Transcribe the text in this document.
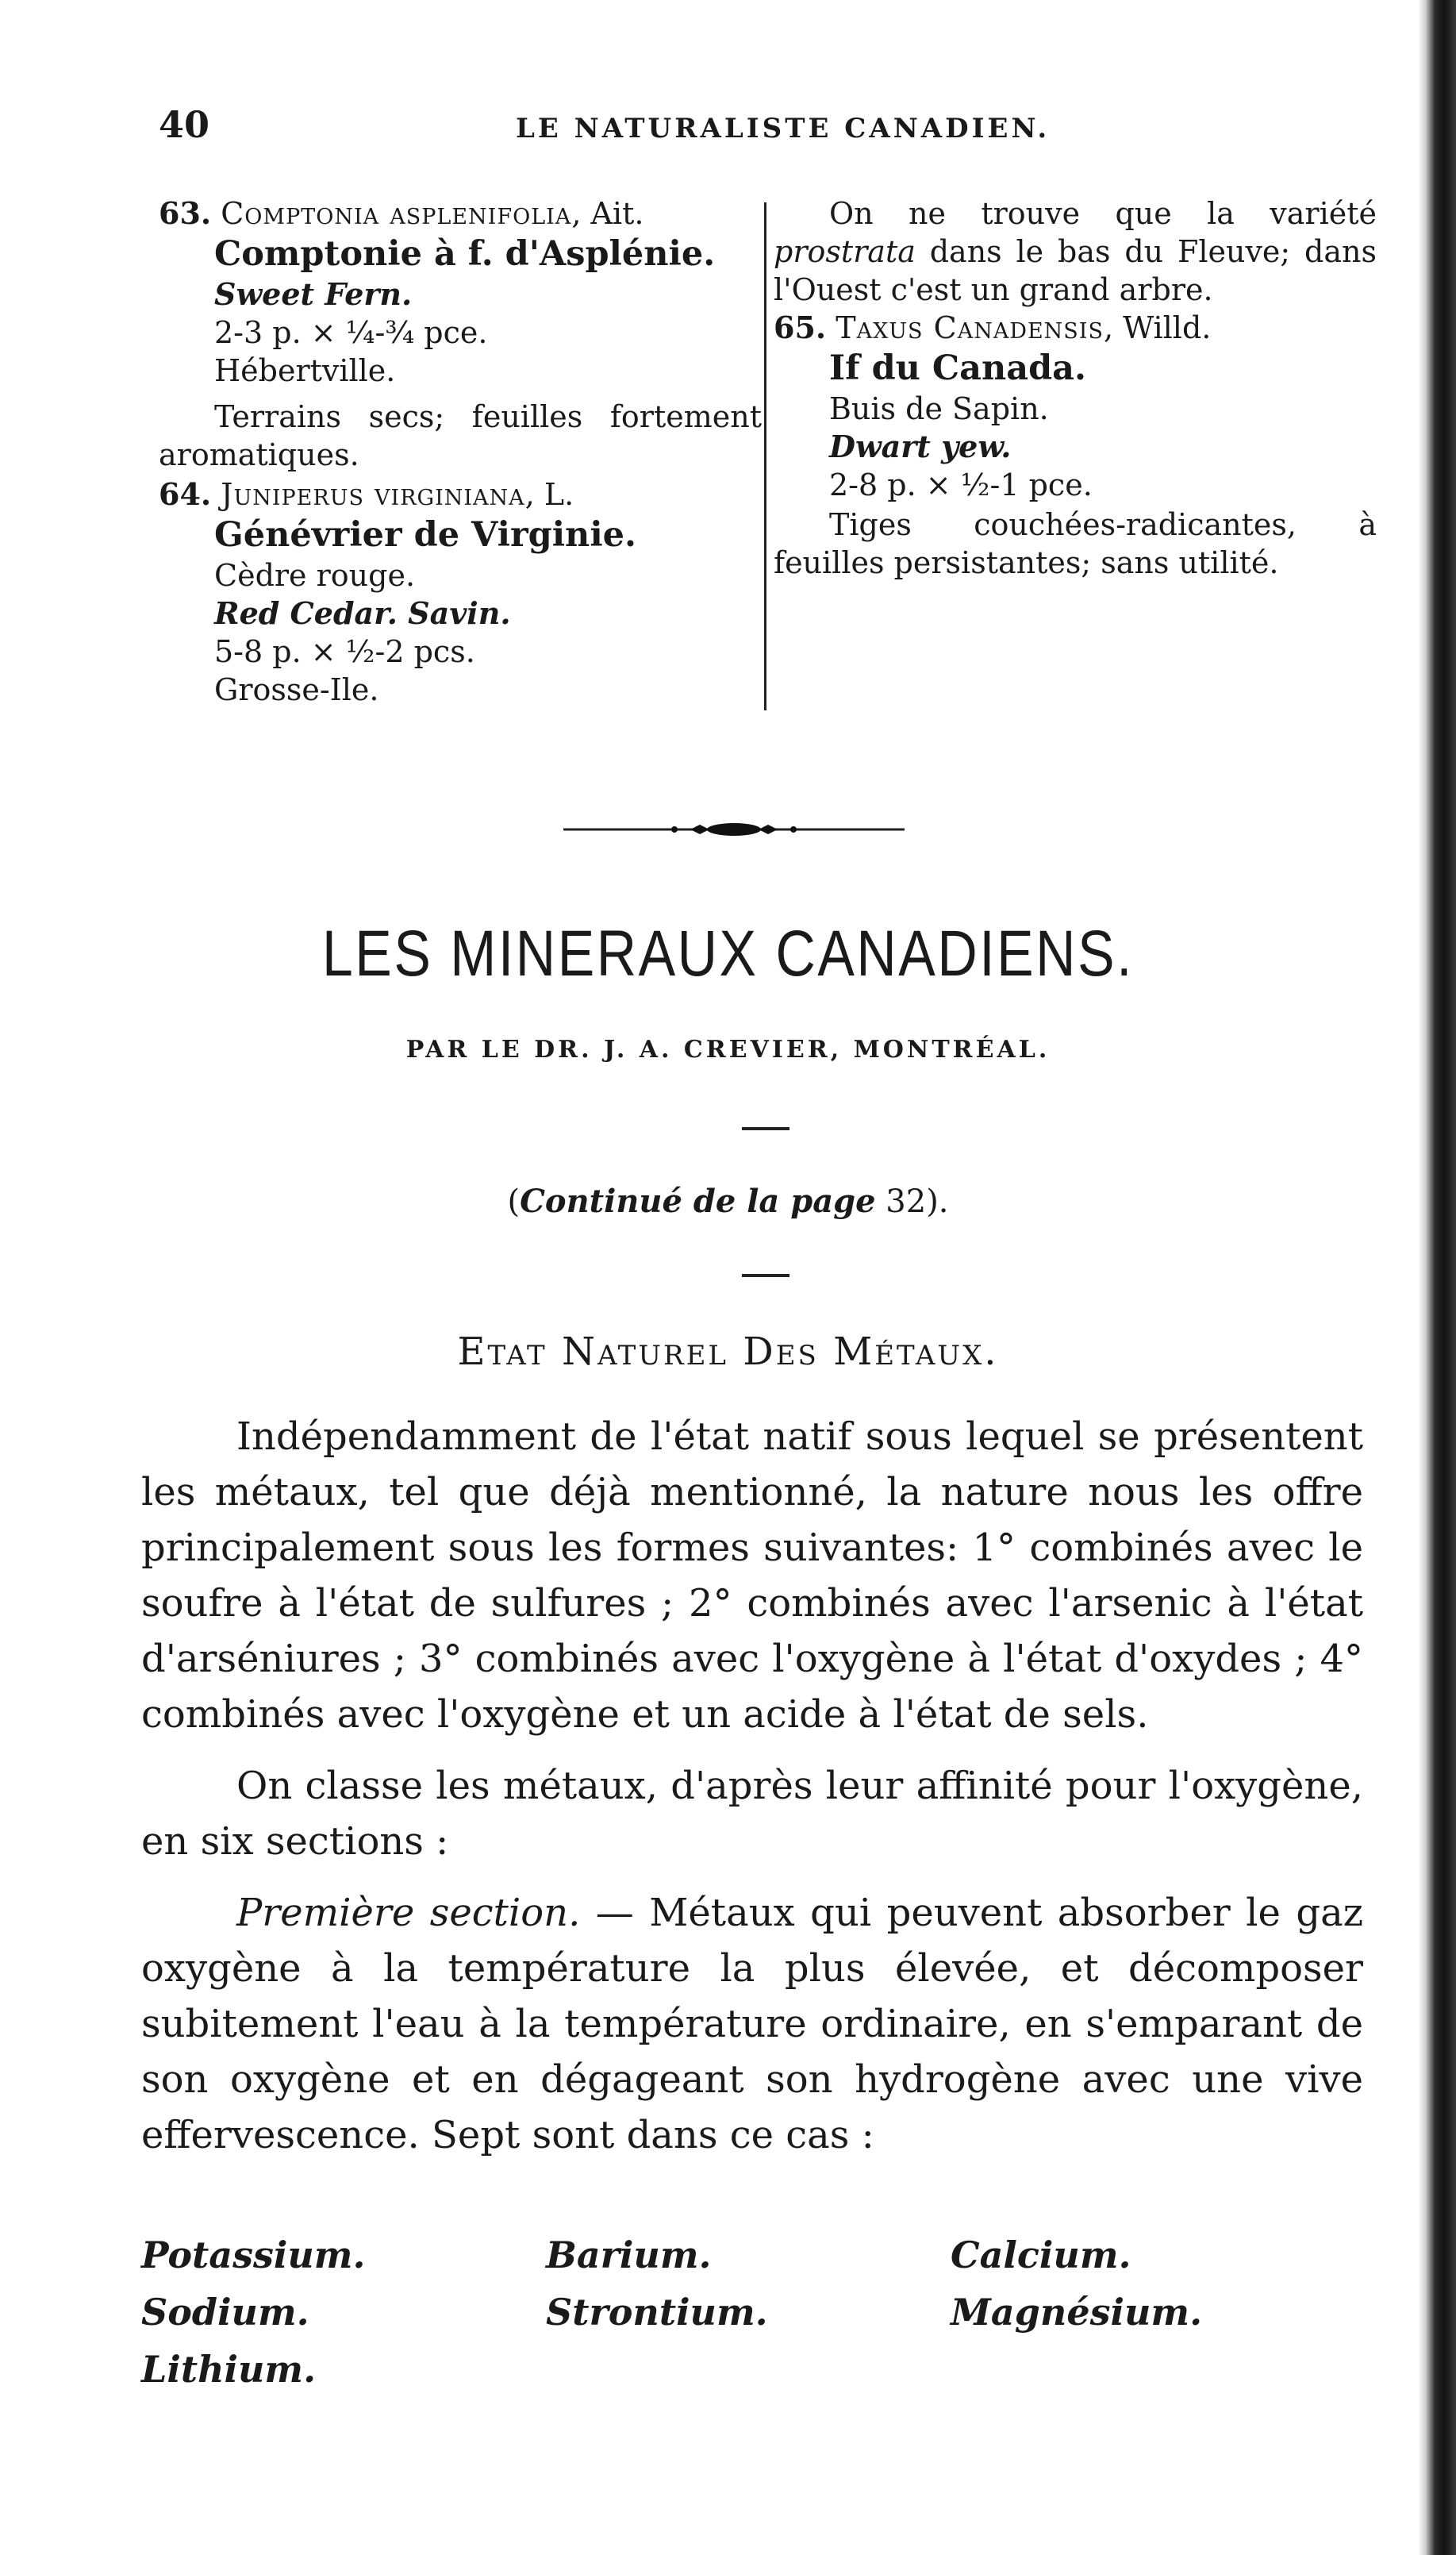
40	LE NATURALISTE CANADIEN.
63. Comptonia asplenifolia, Ait.
Comptonie à f. d'Asplénie.
Sweet Fern.
2-3 p. × ¼-¾ pce.
Hébertville.
Terrains secs; feuilles fortement aromatiques.
64. Juniperus virginiana, L.
Génévrier de Virginie.
Cèdre rouge.
Red Cedar. Savin.
5-8 p. × ½-2 pcs.
Grosse-Ile.
On ne trouve que la variété prostrata dans le bas du Fleuve; dans l'Ouest c'est un grand arbre.
65. Taxus Canadensis, Willd.
If du Canada.
Buis de Sapin.
Dwart yew.
2-8 p. × ½-1 pce.
Tiges couchées-radicantes, à feuilles persistantes; sans utilité.
LES MINERAUX CANADIENS.
PAR LE DR. J. A. CREVIER, MONTRÉAL.
(Continué de la page 32).
Etat Naturel Des Métaux.

Indépendamment de l'état natif sous lequel se présentent les métaux, tel que déjà mentionné, la nature nous les offre principalement sous les formes suivantes: 1° combinés avec le soufre à l'état de sulfures ; 2° combinés avec l'arsenic à l'état d'arséniures ; 3° combinés avec l'oxygène à l'état d'oxydes ; 4° combinés avec l'oxygène et un acide à l'état de sels.

On classe les métaux, d'après leur affinité pour l'oxygène, en six sections :

Première section. — Métaux qui peuvent absorber le gaz oxygène à la température la plus élevée, et décomposer subitement l'eau à la température ordinaire, en s'emparant de son oxygène et en dégageant son hydrogène avec une vive effervescence. Sept sont dans ce cas :

Potassium.	Barium.	Calcium.
Sodium.	Strontium.	Magnésium.
Lithium.
